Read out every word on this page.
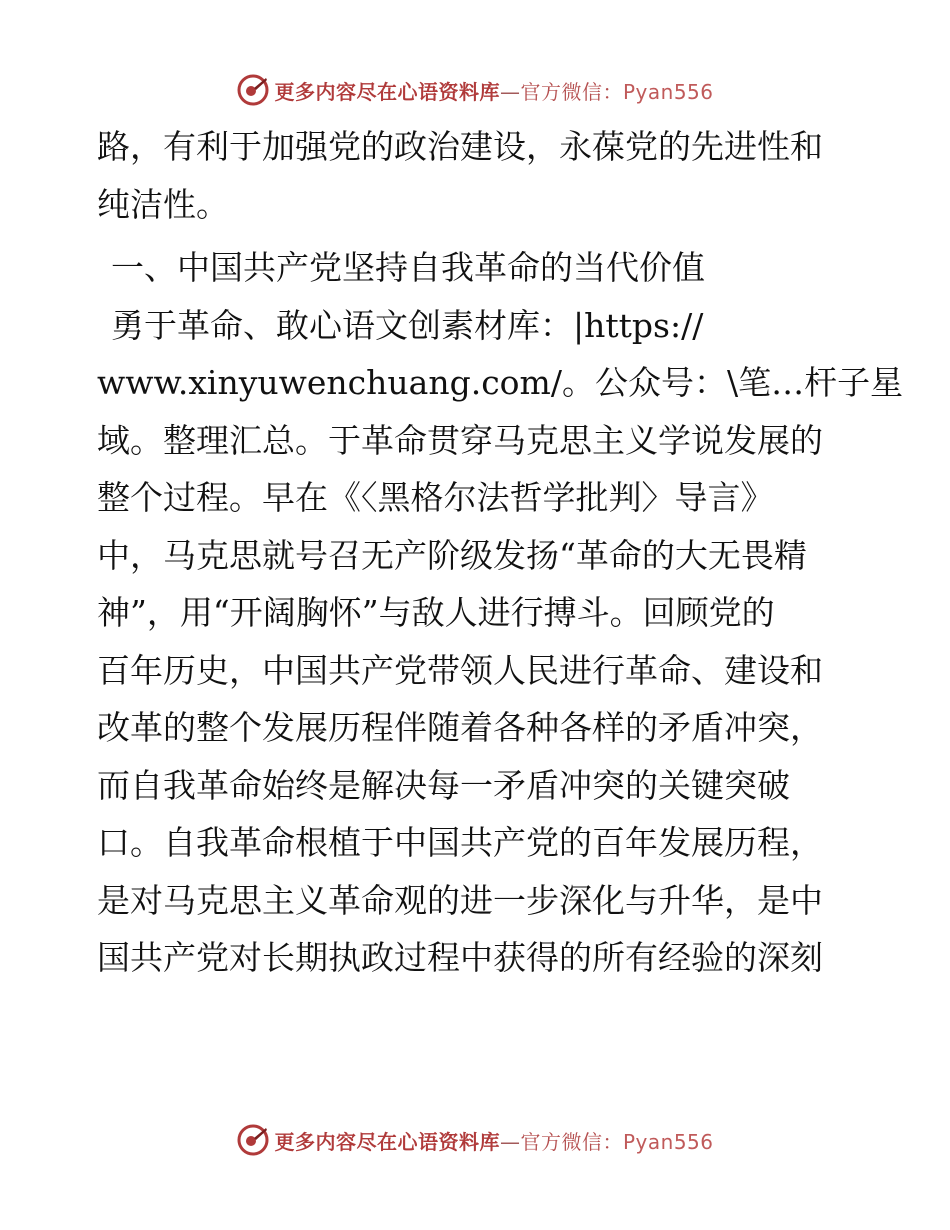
更多内容尽在心语资料库—官方微信：Pyan556
路，有利于加强党的政治建设，永葆党的先进性和
纯洁性。
一、中国共产党坚持自我革命的当代价值
勇于革命、敢心语文创素材库：|https://
www.xinyuwenchuang.com/。公众号：\笔…杆子星
域。整理汇总。于革命贯穿马克思主义学说发展的
整个过程。早在《〈黑格尔法哲学批判〉导言》
中，马克思就号召无产阶级发扬“革命的大无畏精
神”，用“开阔胸怀”与敌人进行搏斗。回顾党的
百年历史，中国共产党带领人民进行革命、建设和
改革的整个发展历程伴随着各种各样的矛盾冲突，
而自我革命始终是解决每一矛盾冲突的关键突破
口。自我革命根植于中国共产党的百年发展历程，
是对马克思主义革命观的进一步深化与升华，是中
国共产党对长期执政过程中获得的所有经验的深刻
更多内容尽在心语资料库—官方微信：Pyan556
